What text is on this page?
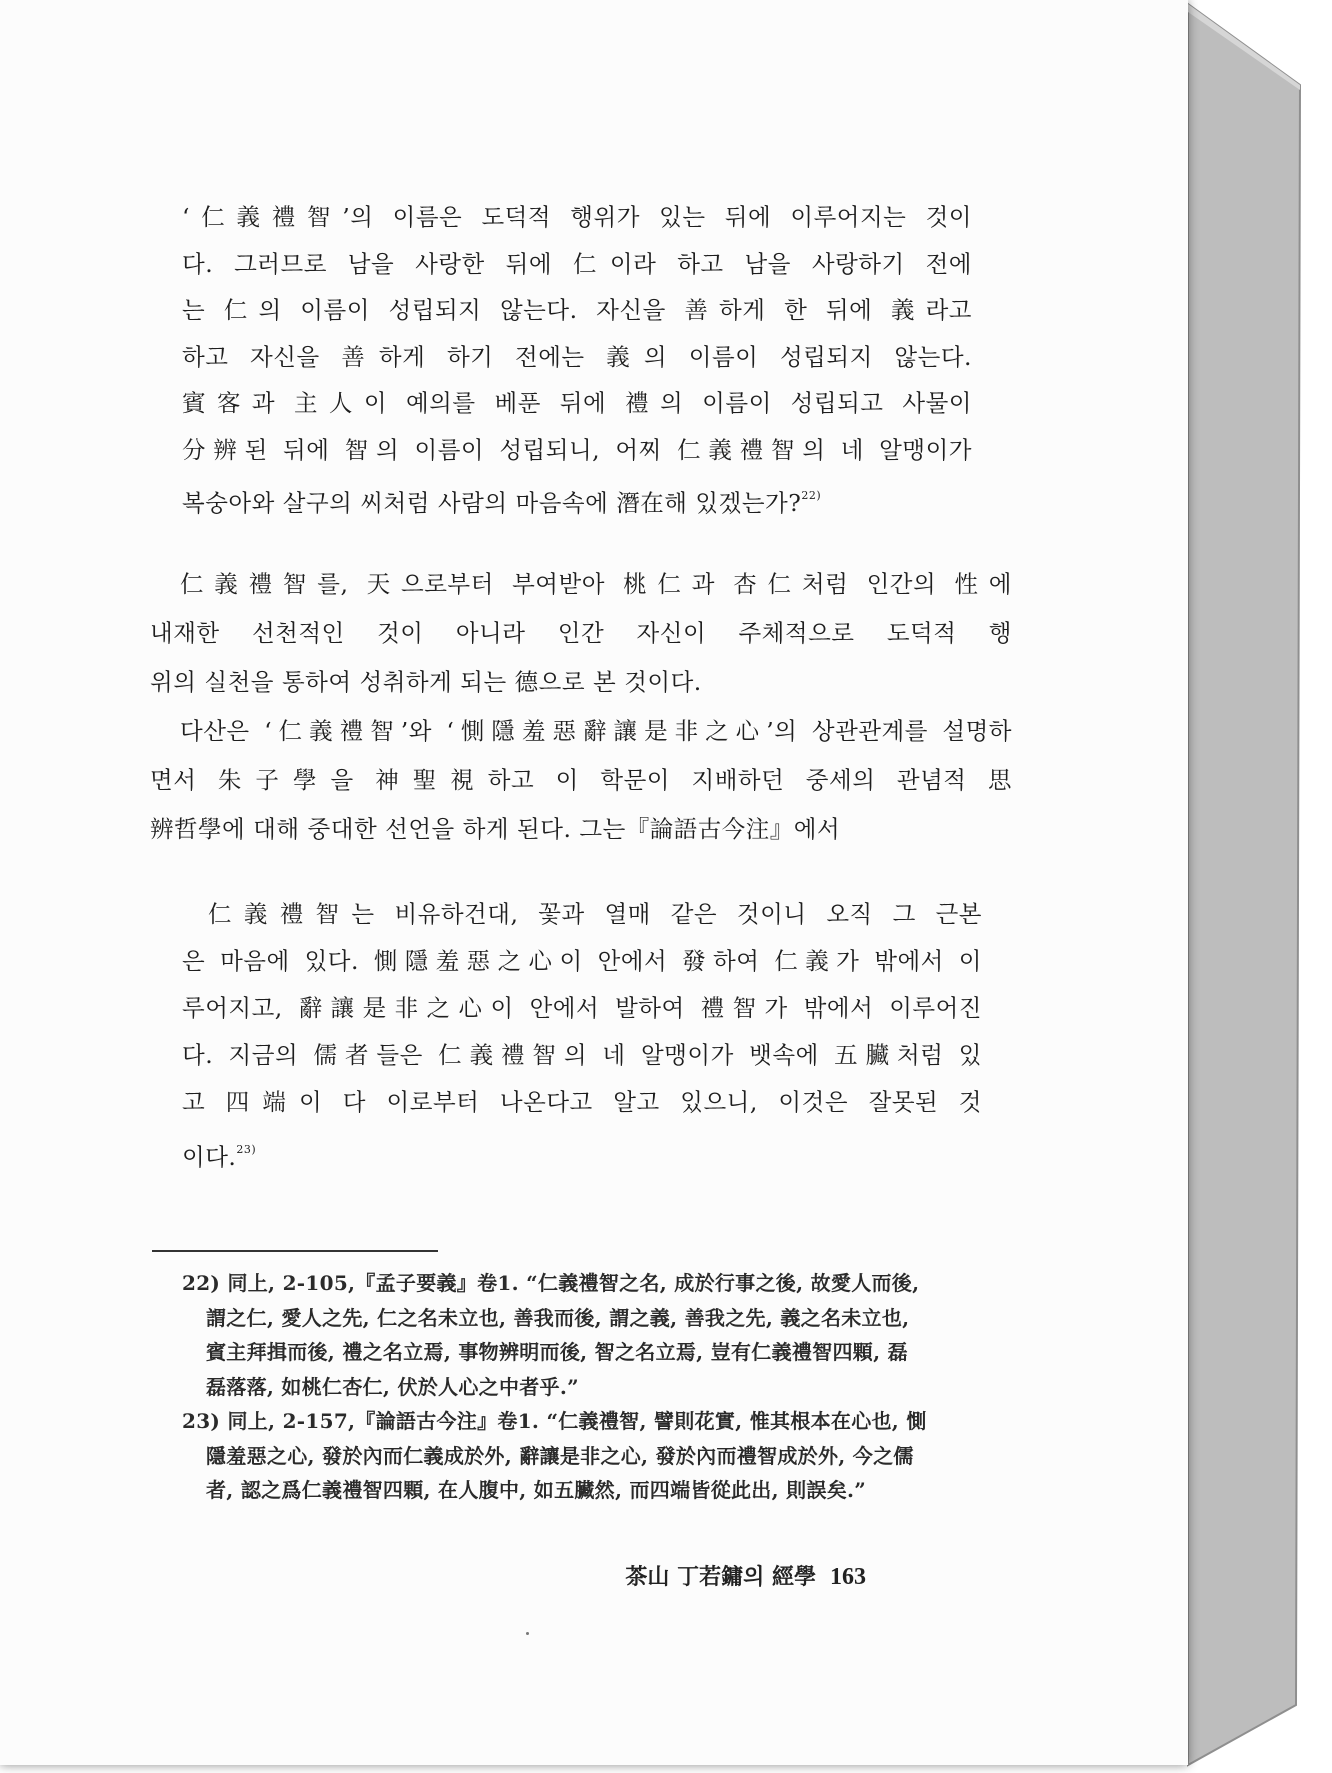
‘仁義禮智’의 이름은 도덕적 행위가 있는 뒤에 이루어지는 것이
다. 그러므로 남을 사랑한 뒤에 仁이라 하고 남을 사랑하기 전에
는 仁의 이름이 성립되지 않는다. 자신을 善하게 한 뒤에 義라고
하고 자신을 善하게 하기 전에는 義의 이름이 성립되지 않는다.
賓客과 主人이 예의를 베푼 뒤에 禮의 이름이 성립되고 사물이
分辨된 뒤에 智의 이름이 성립되니, 어찌 仁義禮智의 네 알맹이가
복숭아와 살구의 씨처럼 사람의 마음속에 潛在해 있겠는가?$^{22)}$
仁義禮智를, 天으로부터 부여받아 桃仁과 杏仁처럼 인간의 性에
내재한 선천적인 것이 아니라 인간 자신이 주체적으로 도덕적 행
위의 실천을 통하여 성취하게 되는 德으로 본 것이다.
다산은 ‘仁義禮智’와 ‘惻隱羞惡辭讓是非之心’의 상관관계를 설명하
면서 朱子學을 神聖視하고 이 학문이 지배하던 중세의 관념적 思
辨哲學에 대해 중대한 선언을 하게 된다. 그는『論語古今注』에서
仁義禮智는 비유하건대, 꽃과 열매 같은 것이니 오직 그 근본
은 마음에 있다. 惻隱羞惡之心이 안에서 發하여 仁義가 밖에서 이
루어지고, 辭讓是非之心이 안에서 발하여 禮智가 밖에서 이루어진
다. 지금의 儒者들은 仁義禮智의 네 알맹이가 뱃속에 五臟처럼 있
고 四端이 다 이로부터 나온다고 알고 있으니, 이것은 잘못된 것
이다.$^{23)}$
22) 同上, 2-105,『孟子要義』卷1. “仁義禮智之名, 成於行事之後, 故愛人而後,
謂之仁, 愛人之先, 仁之名未立也, 善我而後, 謂之義, 善我之先, 義之名未立也,
賓主拜揖而後, 禮之名立焉, 事物辨明而後, 智之名立焉, 豈有仁義禮智四顆, 磊
磊落落, 如桃仁杏仁, 伏於人心之中者乎.”
23) 同上, 2-157,『論語古今注』卷1. “仁義禮智, 譬則花實, 惟其根本在心也, 惻
隱羞惡之心, 發於內而仁義成於外, 辭讓是非之心, 發於內而禮智成於外, 今之儒
者, 認之爲仁義禮智四顆, 在人腹中, 如五臟然, 而四端皆從此出, 則誤矣.”
茶山 丁若鏞의 經學 163
